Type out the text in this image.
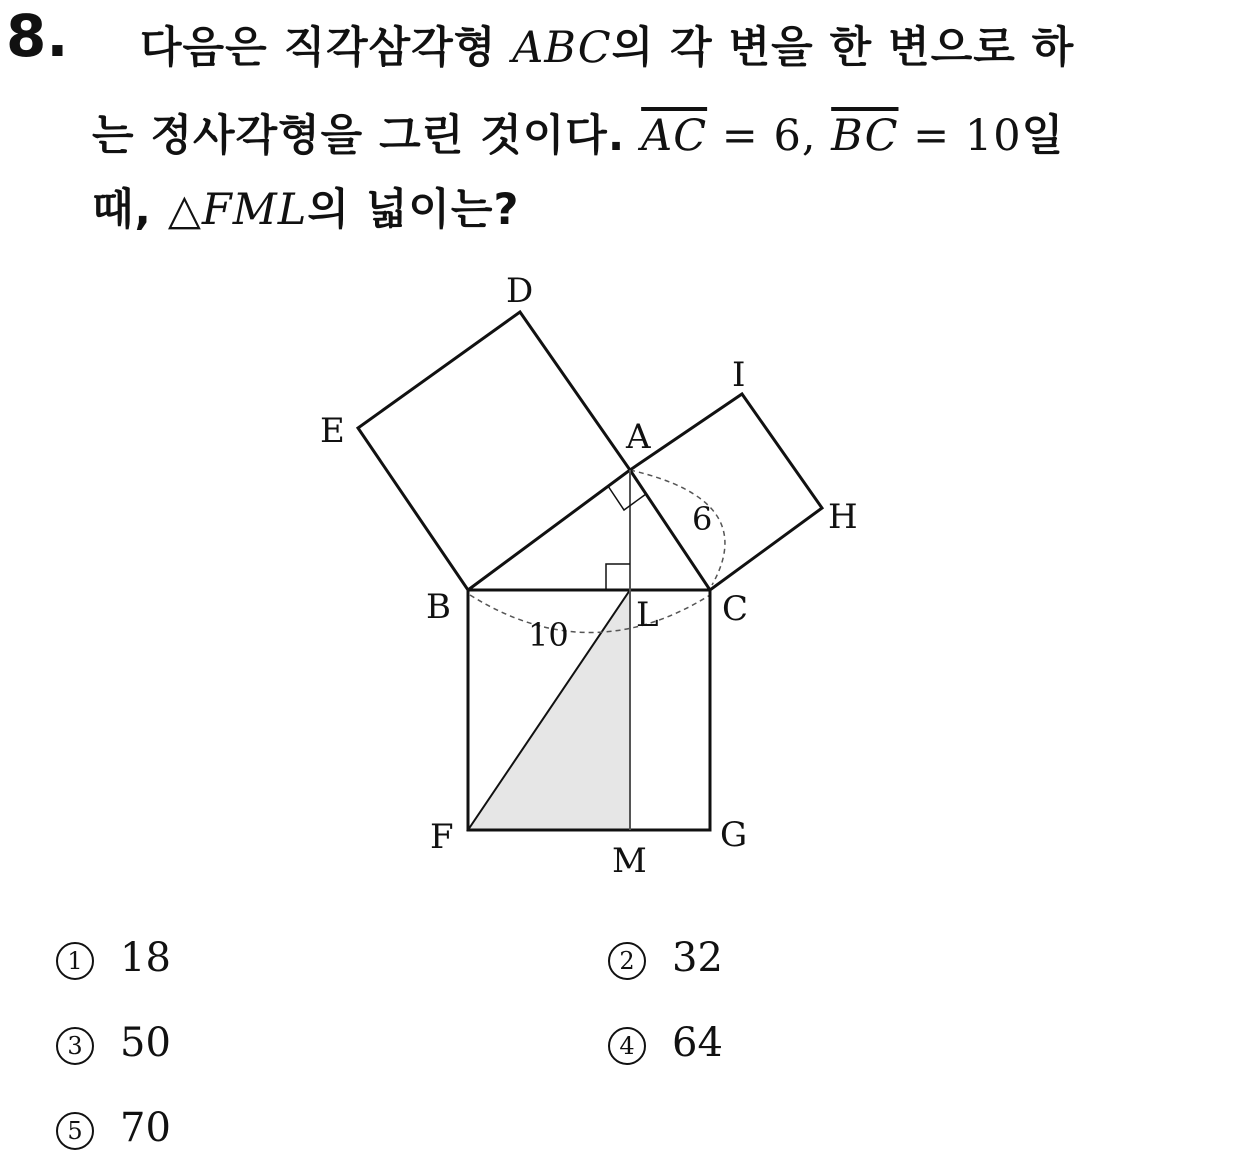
8. 다음은 직각삼각형 ABC의 각 변을 한 변으로 하
는 정사각형을 그린 것이다. $\overline{AC} = 6$, $\overline{BC} = 10$일
때, △FML의 넓이는?
D
E
I
A
H
B	L C
F
M
G
10
6
1 18	2 32
3 50	4 64
5 70
